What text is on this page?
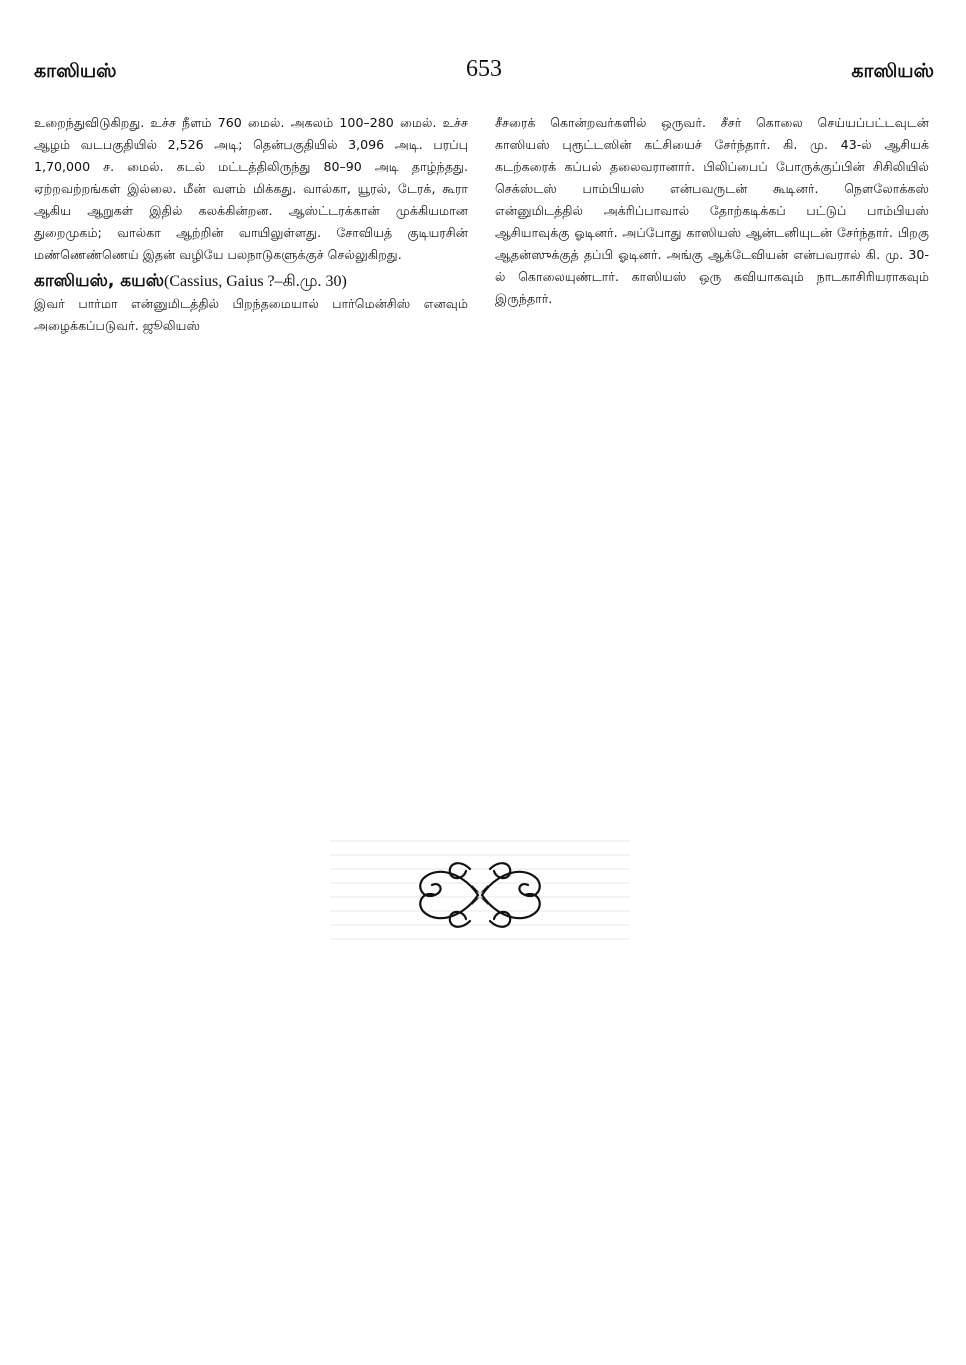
காஸியஸ்	653	காஸியஸ்

உறைந்துவிடுகிறது. உச்ச நீளம் 760 மைல். அகலம் 100–280 மைல். உச்ச ஆழம் வடபகுதியில் 2,526 அடி; தென்பகுதியில் 3,096 அடி. பரப்பு 1,70,000 ச. மைல். கடல் மட்டத்திலிருந்து 80–90 அடி தாழ்ந்தது. ஏற்றவற்றங்கள் இல்லை. மீன் வளம் மிக்கது. வால்கா, யூரல், டேரக், கூரா ஆகிய ஆறுகள் இதில் கலக்கின்றன. ஆஸ்ட்டரக்கான் முக்கியமான துறைமுகம்; வால்கா ஆற்றின் வாயிலுள்ளது. சோவியத் குடியரசின் மண்ணெண்ணெய் இதன் வழியே பலநாடுகளுக்குச் செல்லுகிறது.

காஸியஸ், கயஸ்(Cassius, Gaius ?–கி.மு. 30)

இவர் பார்மா என்னுமிடத்தில் பிறந்தமையால் பார்மென்சிஸ் எனவும் அழைக்கப்படுவர். ஜூலியஸ்

சீசரைக் கொன்றவர்களில் ஒருவர். சீசர் கொலை செய்யப்பட்டவுடன் காஸியஸ் புரூட்டஸின் கட்சியைச் சேர்ந்தார். கி. மு. 43-ல் ஆசியக் கடற்கரைக் கப்பல் தலைவரானார். பிலிப்பைப் போருக்குப்பின் சிசிலியில் செக்ஸ்டஸ் பாம்பியஸ் என்பவருடன் கூடினர். நௌலோக்கஸ் என்னுமிடத்தில் அக்ரிப்பாவால் தோற்கடிக்கப் பட்டுப் பாம்பியஸ் ஆசியாவுக்கு ஓடினர். அப்போது காஸியஸ் ஆன்டனியுடன் சேர்ந்தார். பிறகு ஆதன்ஸுக்குத் தப்பி ஓடினர். அங்கு ஆக்டேவியன் என்பவரால் கி. மு. 30-ல் கொலையுண்டார். காஸியஸ் ஒரு கவியாகவும் நாடகாசிரியராகவும் இருந்தார்.
